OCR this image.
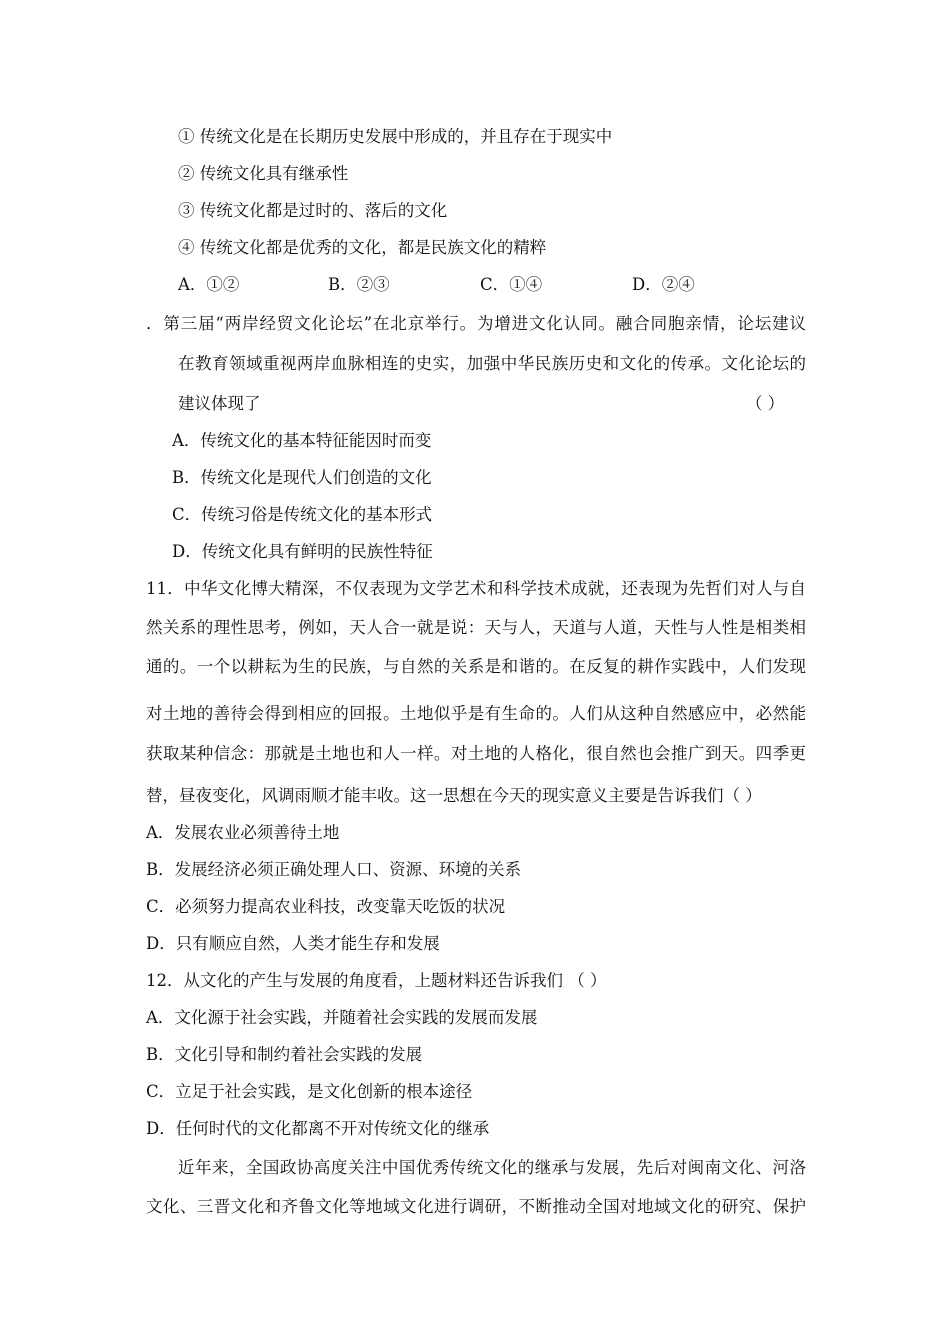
① 传统文化是在长期历史发展中形成的，并且存在于现实中
② 传统文化具有继承性
③ 传统文化都是过时的、落后的文化
④ 传统文化都是优秀的文化，都是民族文化的精粹
A．①②	B．②③	C．①④	D．②④
．第三届“两岸经贸文化论坛”在北京举行。为增进文化认同。融合同胞亲情，论坛建议
在教育领域重视两岸血脉相连的史实，加强中华民族历史和文化的传承。文化论坛的
建议体现了	（ ）
A．传统文化的基本特征能因时而变
B．传统文化是现代人们创造的文化
C．传统习俗是传统文化的基本形式
D．传统文化具有鲜明的民族性特征
11．中华文化博大精深，不仅表现为文学艺术和科学技术成就，还表现为先哲们对人与自
然关系的理性思考，例如，天人合一就是说：天与人，天道与人道，天性与人性是相类相
通的。一个以耕耘为生的民族，与自然的关系是和谐的。在反复的耕作实践中，人们发现
对土地的善待会得到相应的回报。土地似乎是有生命的。人们从这种自然感应中，必然能
获取某种信念：那就是土地也和人一样。对土地的人格化，很自然也会推广到天。四季更
替，昼夜变化，风调雨顺才能丰收。这一思想在今天的现实意义主要是告诉我们（ ）
A．发展农业必须善待土地
B．发展经济必须正确处理人口、资源、环境的关系
C．必须努力提高农业科技，改变靠天吃饭的状况
D．只有顺应自然，人类才能生存和发展
12．从文化的产生与发展的角度看，上题材料还告诉我们 （ ）
A．文化源于社会实践，并随着社会实践的发展而发展
B．文化引导和制约着社会实践的发展
C．立足于社会实践，是文化创新的根本途径
D．任何时代的文化都离不开对传统文化的继承
近年来，全国政协高度关注中国优秀传统文化的继承与发展，先后对闽南文化、河洛
文化、三晋文化和齐鲁文化等地域文化进行调研，不断推动全国对地域文化的研究、保护
